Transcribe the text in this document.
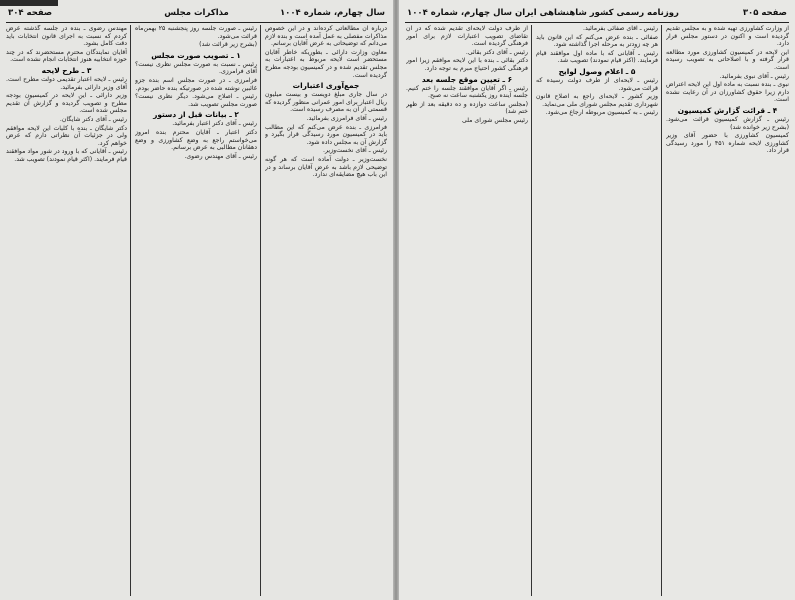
صفحه ۳۰۴	مذاکرات مجلس	سال چهارم، شماره ۱۰۰۴

درباره آن مطالعاتی کرده‌اند و در این خصوص مذاکرات مفصلی به عمل آمده است و بنده لازم می‌دانم که توضیحاتی به عرض آقایان برسانم.

معاون وزارت دارائی ـ بطوریکه خاطر آقایان مستحضر است لایحه مربوط به اعتبارات به مجلس تقدیم شده و در کمیسیون بودجه مطرح گردیده است.

جمع‌آوری اعتبارات

در سال جاری مبلغ دویست و بیست میلیون ریال اعتبار برای امور عمرانی منظور گردیده که قسمتی از آن به مصرف رسیده است.

رئیس ـ آقای فرامرزی بفرمائید.

فرامرزی ـ بنده عرض می‌کنم که این مطالب باید در کمیسیون مورد رسیدگی قرار بگیرد و گزارش آن به مجلس داده شود.

رئیس ـ آقای نخست‌وزیر.

نخست‌وزیر ـ دولت آماده است که هر گونه توضیحی لازم باشد به عرض آقایان برساند و در این باب هیچ مضایقه‌ای ندارد.

رئیس ـ صورت جلسه روز پنجشنبه ۲۵ بهمن‌ماه قرائت می‌شود.

(بشرح زیر قرائت شد)

۱ ـ تصویب صورت مجلس

رئیس ـ نسبت به صورت مجلس نظری نیست؟ آقای فرامرزی.

فرامرزی ـ در صورت مجلس اسم بنده جزو غائبین نوشته شده در صورتیکه بنده حاضر بودم.

رئیس ـ اصلاح می‌شود. دیگر نظری نیست؟ صورت مجلس تصویب شد.

۲ ـ بیانات قبل از دستور

رئیس ـ آقای دکتر اعتبار بفرمائید.

دکتر اعتبار ـ آقایان محترم بنده امروز می‌خواستم راجع به وضع کشاورزی و وضع دهقانان مطالبی به عرض برسانم.

رئیس ـ آقای مهندس رضوی.

مهندس رضوی ـ بنده در جلسه گذشته عرض کردم که نسبت به اجرای قانون انتخابات باید دقت کامل بشود.

آقایان نمایندگان محترم مستحضرند که در چند حوزه انتخابیه هنوز انتخابات انجام نشده است.

۳ ـ طرح لایحه

رئیس ـ لایحه اعتبار تقدیمی دولت مطرح است. آقای وزیر دارائی بفرمائید.

وزیر دارائی ـ این لایحه در کمیسیون بودجه مطرح و تصویب گردیده و گزارش آن تقدیم مجلس شده است.

رئیس ـ آقای دکتر شایگان.

دکتر شایگان ـ بنده با کلیات این لایحه موافقم ولی در جزئیات آن نظراتی دارم که عرض خواهم کرد.

رئیس ـ آقایانی که با ورود در شور مواد موافقند قیام فرمایند. (اکثر قیام نمودند) تصویب شد.

سال چهارم، شماره ۱۰۰۴ روزنامه رسمی کشور شاهنشاهی ایران	صفحه ۳۰۵

از وزارت کشاورزی تهیه شده و به مجلس تقدیم گردیده است و اکنون در دستور مجلس قرار دارد.

این لایحه در کمیسیون کشاورزی مورد مطالعه قرار گرفته و با اصلاحاتی به تصویب رسیده است.

رئیس ـ آقای نبوی بفرمائید.

نبوی ـ بنده نسبت به ماده اول این لایحه اعتراض دارم زیرا حقوق کشاورزان در آن رعایت نشده است.

۴ ـ قرائت گزارش کمیسیون

رئیس ـ گزارش کمیسیون قرائت می‌شود. (بشرح زیر خوانده شد)

کمیسیون کشاورزی با حضور آقای وزیر کشاورزی لایحه شماره ۴۵۱ را مورد رسیدگی قرار داد.

رئیس ـ آقای صفائی بفرمائید.

صفائی ـ بنده عرض می‌کنم که این قانون باید هر چه زودتر به مرحله اجرا گذاشته شود.

رئیس ـ آقایانی که با ماده اول موافقند قیام فرمایند. (اکثر قیام نمودند) تصویب شد.

۵ ـ اعلام وصول لوایح

رئیس ـ لایحه‌ای از طرف دولت رسیده که قرائت می‌شود.

وزیر کشور ـ لایحه‌ای راجع به اصلاح قانون شهرداری تقدیم مجلس شورای ملی می‌نماید.

رئیس ـ به کمیسیون مربوطه ارجاع می‌شود.

از طرف دولت لایحه‌ای تقدیم شده که در آن تقاضای تصویب اعتبارات لازم برای امور فرهنگی گردیده است.

رئیس ـ آقای دکتر بقائی.

دکتر بقائی ـ بنده با این لایحه موافقم زیرا امور فرهنگی کشور احتیاج مبرم به توجه دارد.

۶ ـ تعیین موقع جلسه بعد

رئیس ـ اگر آقایان موافقند جلسه را ختم کنیم. جلسه آینده روز یکشنبه ساعت نه صبح.

(مجلس ساعت دوازده و ده دقیقه بعد از ظهر ختم شد)

رئیس مجلس شورای ملی
